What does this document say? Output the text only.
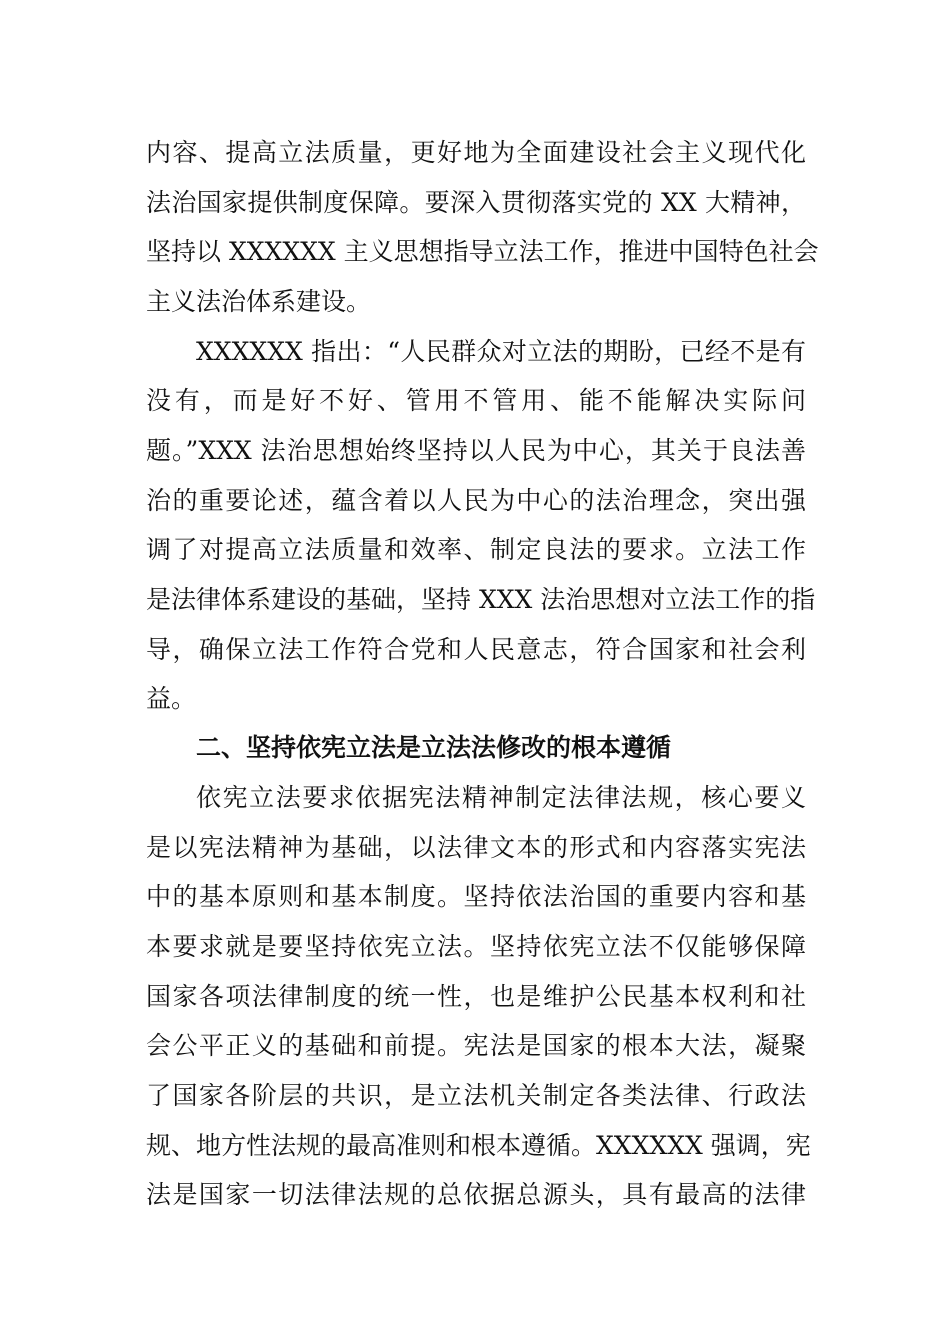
内容、提高立法质量，更好地为全面建设社会主义现代化
法治国家提供制度保障。要深入贯彻落实党的 XX 大精神，
坚持以 XXXXXX 主义思想指导立法工作，推进中国特色社会
主义法治体系建设。
XXXXXX 指出：“人民群众对立法的期盼，已经不是有
没有，而是好不好、管用不管用、能不能解决实际问
题。”XXX 法治思想始终坚持以人民为中心，其关于良法善
治的重要论述，蕴含着以人民为中心的法治理念，突出强
调了对提高立法质量和效率、制定良法的要求。立法工作
是法律体系建设的基础，坚持 XXX 法治思想对立法工作的指
导，确保立法工作符合党和人民意志，符合国家和社会利
益。
二、坚持依宪立法是立法法修改的根本遵循
依宪立法要求依据宪法精神制定法律法规，核心要义
是以宪法精神为基础，以法律文本的形式和内容落实宪法
中的基本原则和基本制度。坚持依法治国的重要内容和基
本要求就是要坚持依宪立法。坚持依宪立法不仅能够保障
国家各项法律制度的统一性，也是维护公民基本权利和社
会公平正义的基础和前提。宪法是国家的根本大法，凝聚
了国家各阶层的共识，是立法机关制定各类法律、行政法
规、地方性法规的最高准则和根本遵循。XXXXXX 强调，宪
法是国家一切法律法规的总依据总源头，具有最高的法律
